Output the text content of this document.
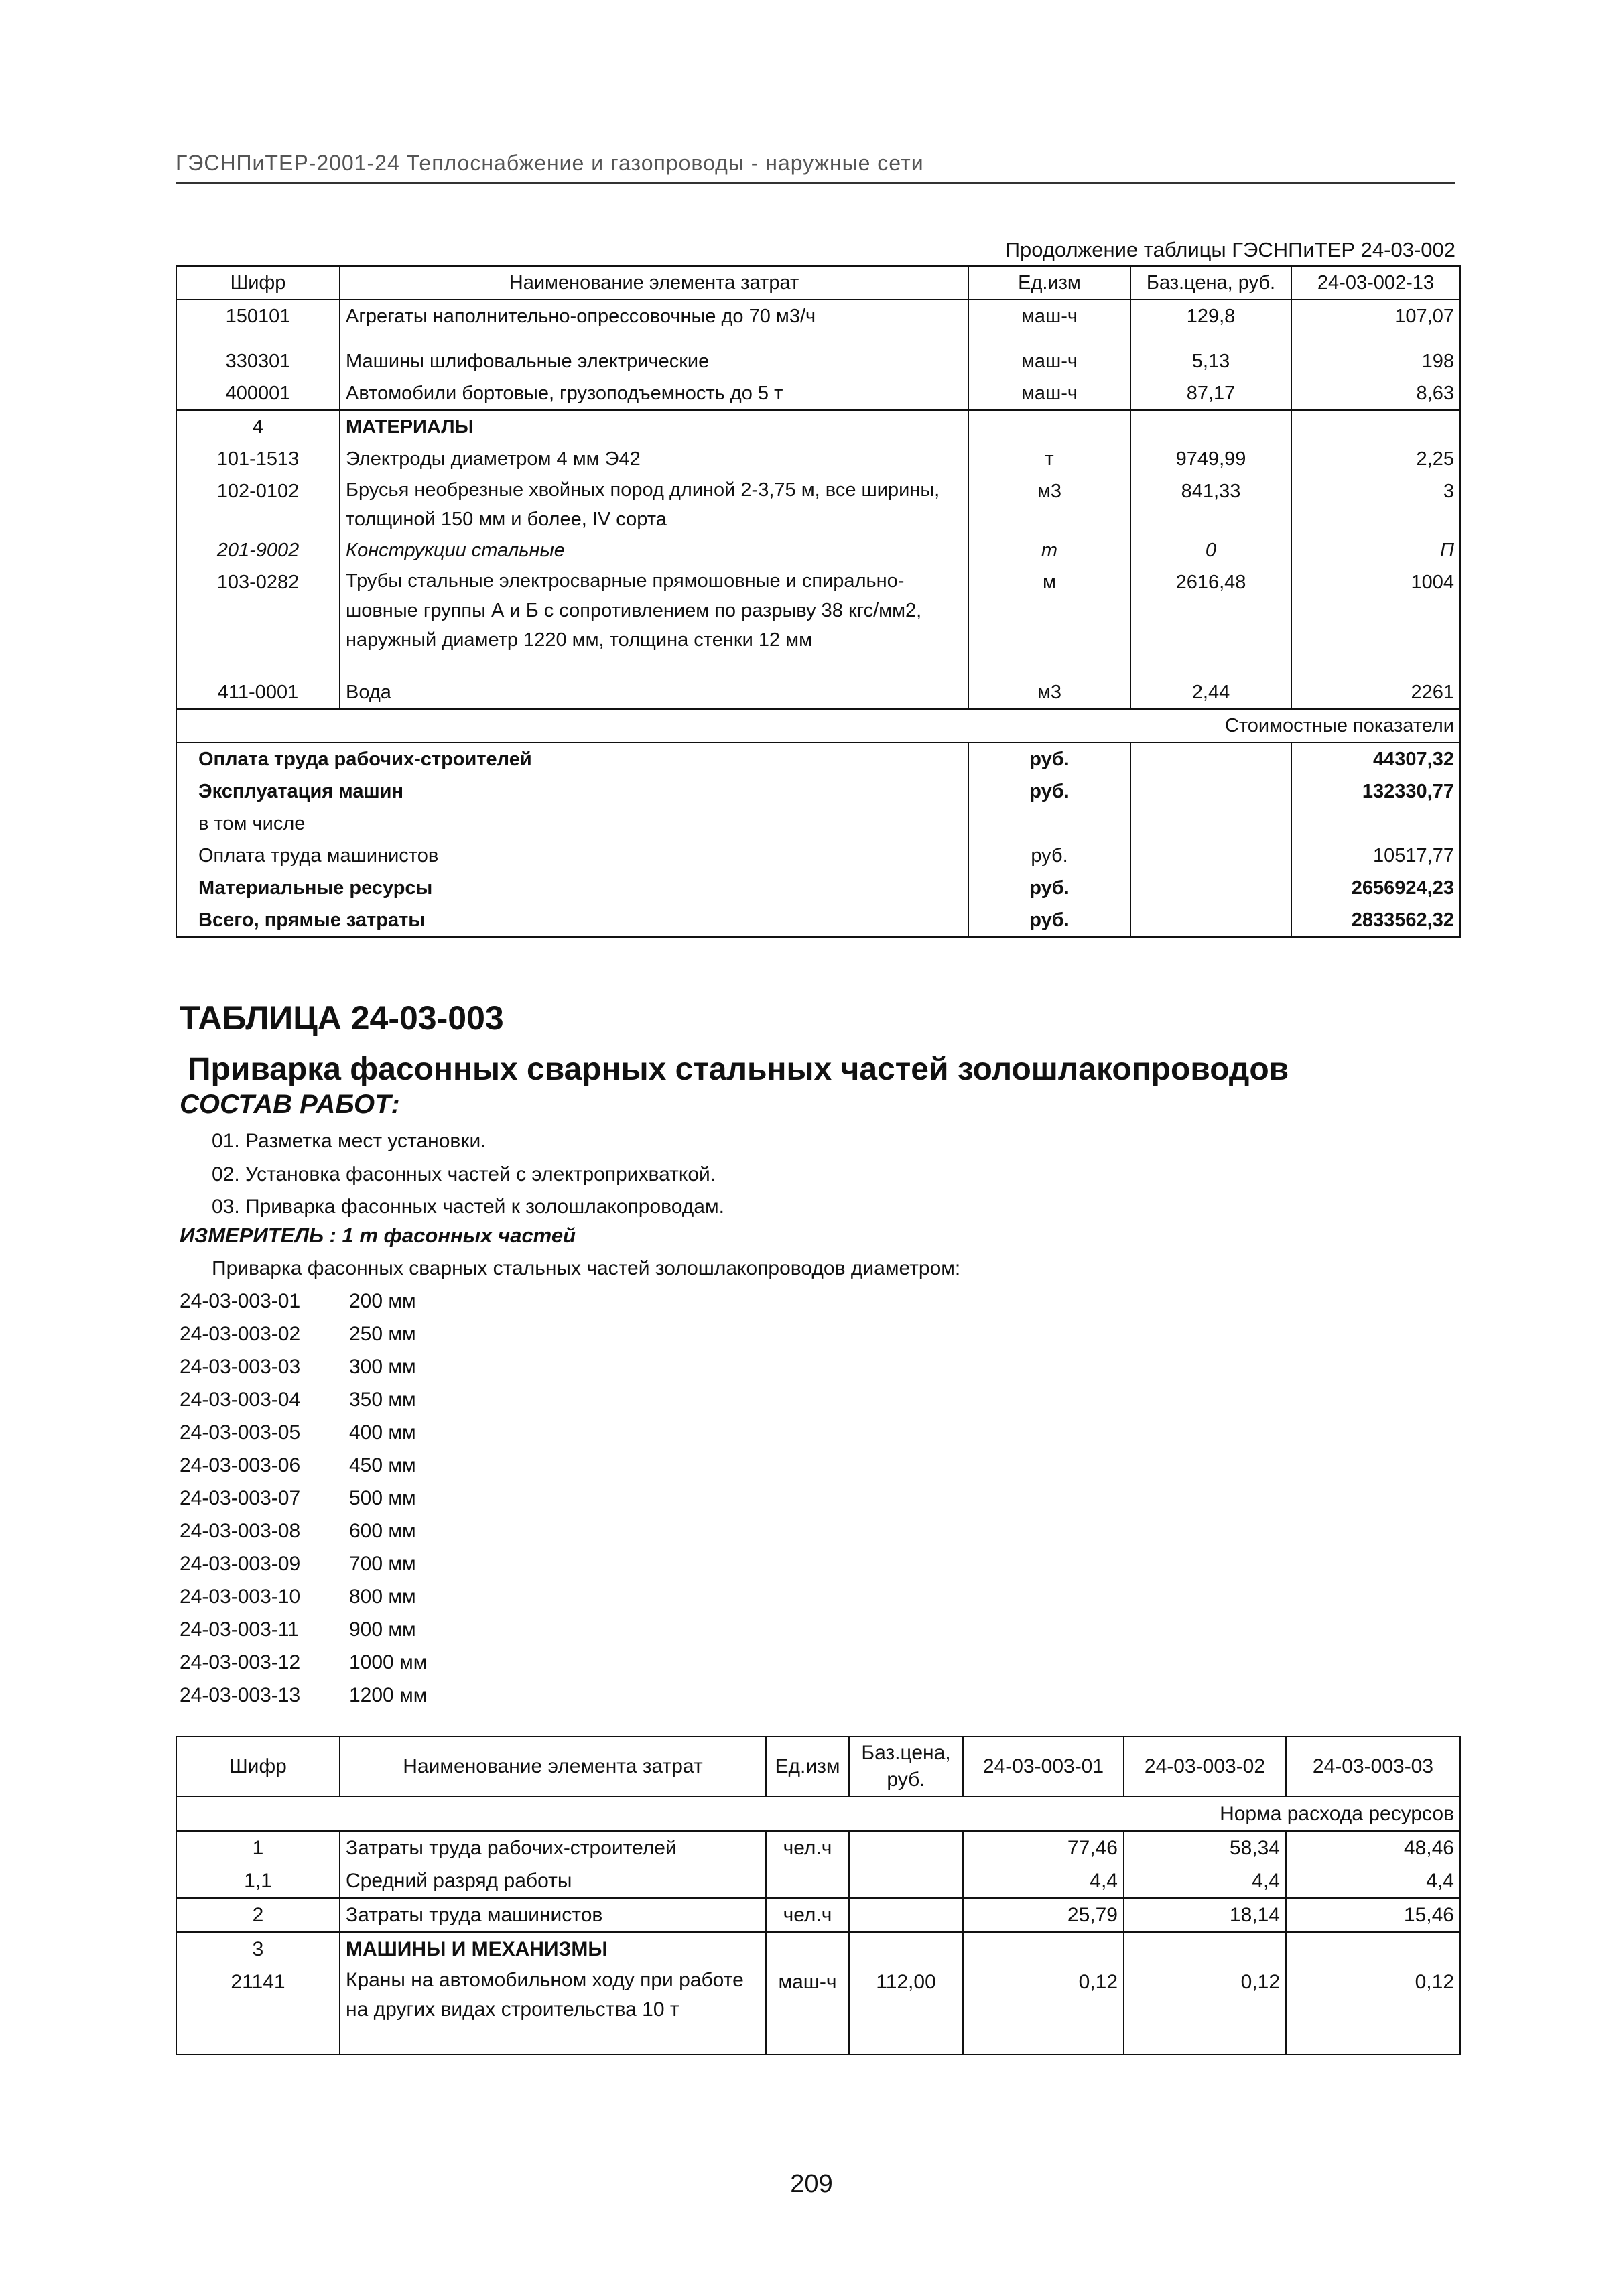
ГЭСНПиТЕР-2001-24 Теплоснабжение и газопроводы - наружные сети
Продолжение таблицы ГЭСНПиТЕР 24-03-002
Шифр	Наименование элемента затрат	Ед.изм	Баз.цена, руб.	24-03-002-13
150101	Агрегаты наполнительно-опрессовочные до 70 м3/ч	маш-ч	129,8	107,07
330301	Машины шлифовальные электрические	маш-ч	5,13	198
400001	Автомобили бортовые, грузоподъемность до 5 т	маш-ч	87,17	8,63
4	МАТЕРИАЛЫ			
101-1513	Электроды диаметром 4 мм Э42	т	9749,99	2,25
102-0102	Брусья необрезные хвойных пород длиной 2-3,75 м, все ширины, толщиной 150 мм и более, IV сорта	м3	841,33	3
201-9002	Конструкции стальные	т	0	П
103-0282	Трубы стальные электросварные прямошовные и спирально-шовные группы А и Б с сопротивлением по разрыву 38 кгс/мм2, наружный диаметр 1220 мм, толщина стенки 12 мм	м	2616,48	1004
411-0001	Вода	м3	2,44	2261
Стоимостные показатели				
Оплата труда рабочих-строителей		руб.		44307,32
Эксплуатация машин		руб.		132330,77
в том числе				
Оплата труда машинистов		руб.		10517,77
Материальные ресурсы		руб.		2656924,23
Всего, прямые затраты		руб.		2833562,32
ТАБЛИЦА 24-03-003
Приварка фасонных сварных стальных частей золошлакопроводов
СОСТАВ РАБОТ:
01. Разметка мест установки.
02. Установка фасонных частей с электроприхваткой.
03. Приварка фасонных частей к золошлакопроводам.
ИЗМЕРИТЕЛЬ : 1 т фасонных частей
Приварка фасонных сварных стальных частей золошлакопроводов диаметром:
24-03-003-01 200 мм
24-03-003-02 250 мм
24-03-003-03 300 мм
24-03-003-04 350 мм
24-03-003-05 400 мм
24-03-003-06 450 мм
24-03-003-07 500 мм
24-03-003-08 600 мм
24-03-003-09 700 мм
24-03-003-10 800 мм
24-03-003-11	900 мм
24-03-003-12 1000 мм
24-03-003-13 1200 мм
Шифр	Наименование элемента затрат	Ед.изм	Баз.цена, руб.	24-03-003-01	24-03-003-02	24-03-003-03
Норма расхода ресурсов						
1	Затраты труда рабочих-строителей	чел.ч		77,46	58,34	48,46
1,1	Средний разряд работы			4,4	4,4	4,4
2	Затраты труда машинистов	чел.ч		25,79	18,14	15,46
3	МАШИНЫ И МЕХАНИЗМЫ					
21141	Краны на автомобильном ходу при работе на других видах строительства 10 т	маш-ч	112,00	0,12	0,12	0,12
209
